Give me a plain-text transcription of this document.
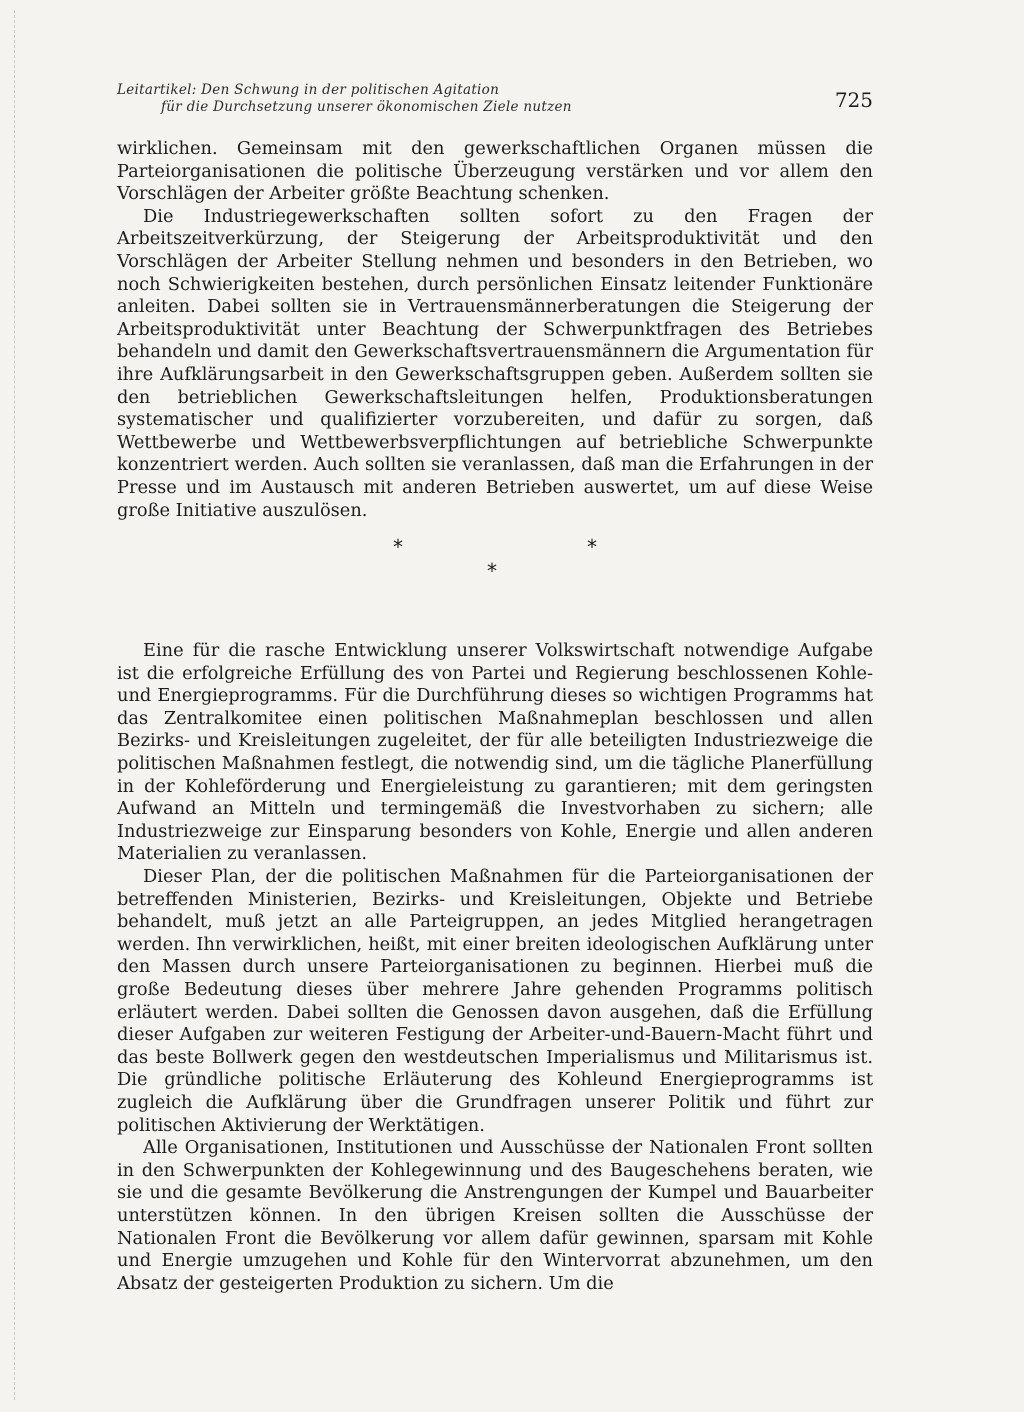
Leitartikel: Den Schwung in der politischen Agitation
für die Durchsetzung unserer ökonomischen Ziele nutzen	725

wirklichen. Gemeinsam mit den gewerkschaftlichen Organen müssen die Parteiorganisationen die politische Überzeugung verstärken und vor allem den Vorschlägen der Arbeiter größte Beachtung schenken.

Die Industriegewerkschaften sollten sofort zu den Fragen der Arbeitszeitverkürzung, der Steigerung der Arbeitsproduktivität und den Vorschlägen der Arbeiter Stellung nehmen und besonders in den Betrieben, wo noch Schwierigkeiten bestehen, durch persönlichen Einsatz leitender Funktionäre anleiten. Dabei sollten sie in Vertrauensmännerberatungen die Steigerung der Arbeitsproduktivität unter Beachtung der Schwerpunktfragen des Betriebes behandeln und damit den Gewerkschaftsvertrauensmännern die Argumentation für ihre Aufklärungsarbeit in den Gewerkschaftsgruppen geben. Außerdem sollten sie den betrieblichen Gewerkschaftsleitungen helfen, Produktionsberatungen systematischer und qualifizierter vorzubereiten, und dafür zu sorgen, daß Wettbewerbe und Wettbewerbsverpflichtungen auf betriebliche Schwerpunkte konzentriert werden. Auch sollten sie veranlassen, daß man die Erfahrungen in der Presse und im Austausch mit anderen Betrieben auswertet, um auf diese Weise große Initiative auszulösen.

*	*
*

Eine für die rasche Entwicklung unserer Volkswirtschaft notwendige Aufgabe ist die erfolgreiche Erfüllung des von Partei und Regierung beschlossenen Kohle- und Energieprogramms. Für die Durchführung dieses so wichtigen Programms hat das Zentralkomitee einen politischen Maßnahmeplan beschlossen und allen Bezirks- und Kreisleitungen zugeleitet, der für alle beteiligten Industriezweige die politischen Maßnahmen festlegt, die notwendig sind, um die tägliche Planerfüllung in der Kohleförderung und Energieleistung zu garantieren; mit dem geringsten Aufwand an Mitteln und termingemäß die Investvorhaben zu sichern; alle Industriezweige zur Einsparung besonders von Kohle, Energie und allen anderen Materialien zu veranlassen.

Dieser Plan, der die politischen Maßnahmen für die Parteiorganisationen der betreffenden Ministerien, Bezirks- und Kreisleitungen, Objekte und Betriebe behandelt, muß jetzt an alle Parteigruppen, an jedes Mitglied herangetragen werden. Ihn verwirklichen, heißt, mit einer breiten ideologischen Aufklärung unter den Massen durch unsere Parteiorganisationen zu beginnen. Hierbei muß die große Bedeutung dieses über mehrere Jahre gehenden Programms politisch erläutert werden. Dabei sollten die Genossen davon ausgehen, daß die Erfüllung dieser Aufgaben zur weiteren Festigung der Arbeiter-und-Bauern-Macht führt und das beste Bollwerk gegen den westdeutschen Imperialismus und Militarismus ist. Die gründliche politische Erläuterung des Kohleund Energieprogramms ist zugleich die Aufklärung über die Grundfragen unserer Politik und führt zur politischen Aktivierung der Werktätigen.

Alle Organisationen, Institutionen und Ausschüsse der Nationalen Front sollten in den Schwerpunkten der Kohlegewinnung und des Baugeschehens beraten, wie sie und die gesamte Bevölkerung die Anstrengungen der Kumpel und Bauarbeiter unterstützen können. In den übrigen Kreisen sollten die Ausschüsse der Nationalen Front die Bevölkerung vor allem dafür gewinnen, sparsam mit Kohle und Energie umzugehen und Kohle für den Wintervorrat abzunehmen, um den Absatz der gesteigerten Produktion zu sichern. Um die
